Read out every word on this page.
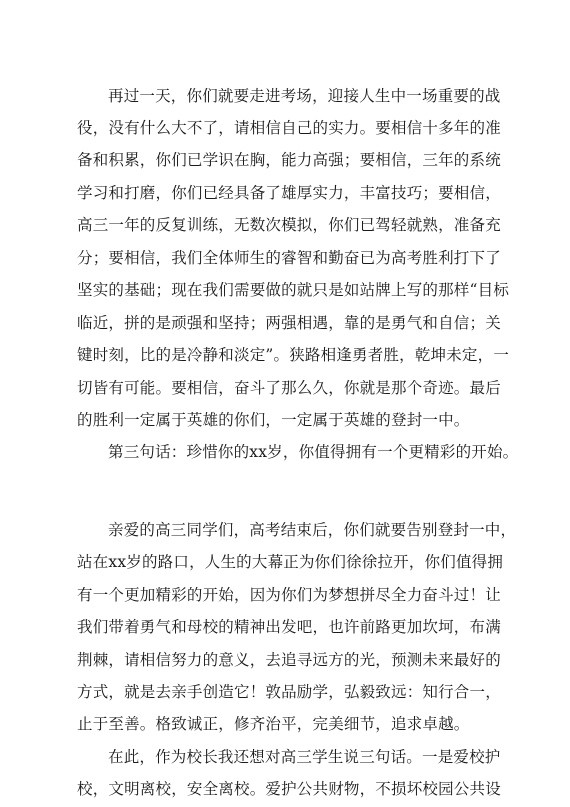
再过一天，你们就要走进考场，迎接人生中一场重要的战
役，没有什么大不了，请相信自己的实力。要相信十多年的准
备和积累，你们已学识在胸，能力高强；要相信，三年的系统
学习和打磨，你们已经具备了雄厚实力，丰富技巧；要相信，
高三一年的反复训练，无数次模拟，你们已驾轻就熟，准备充
分；要相信，我们全体师生的睿智和勤奋已为高考胜利打下了
坚实的基础；现在我们需要做的就只是如站牌上写的那样“目标
临近，拼的是顽强和坚持；两强相遇，靠的是勇气和自信；关
键时刻，比的是冷静和淡定”。狭路相逢勇者胜，乾坤未定，一
切皆有可能。要相信，奋斗了那么久，你就是那个奇迹。最后
的胜利一定属于英雄的你们，一定属于英雄的登封一中。
第三句话：珍惜你的xx岁，你值得拥有一个更精彩的开始。
亲爱的高三同学们，高考结束后，你们就要告别登封一中，
站在xx岁的路口，人生的大幕正为你们徐徐拉开，你们值得拥
有一个更加精彩的开始，因为你们为梦想拼尽全力奋斗过！让
我们带着勇气和母校的精神出发吧，也许前路更加坎坷，布满
荆棘，请相信努力的意义，去追寻远方的光，预测未来最好的
方式，就是去亲手创造它！敦品励学，弘毅致远：知行合一，
止于至善。格致诚正，修齐治平，完美细节，追求卓越。
在此，作为校长我还想对高三学生说三句话。一是爱校护
校，文明离校，安全离校。爱护公共财物，不损坏校园公共设
